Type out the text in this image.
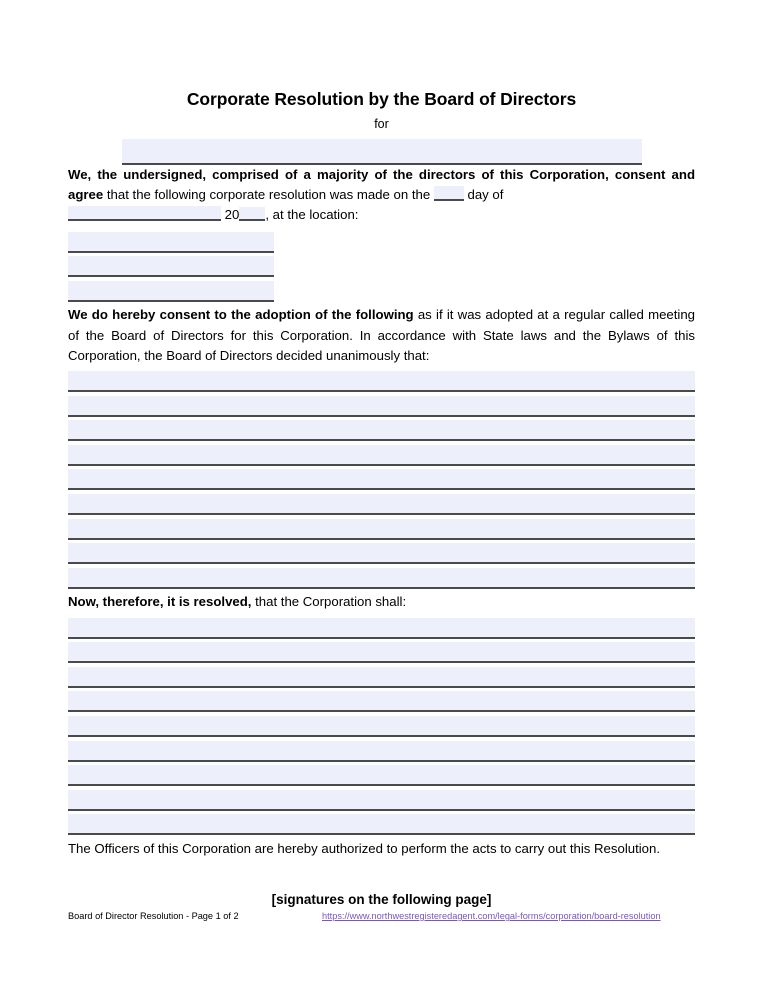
Corporate Resolution by the Board of Directors
for

We, the undersigned, comprised of a majority of the directors of this Corporation, consent and agree that the following corporate resolution was made on the  day of
20 , at the location:

We do hereby consent to the adoption of the following as if it was adopted at a regular called meeting of the Board of Directors for this Corporation. In accordance with State laws and the Bylaws of this Corporation, the Board of Directors decided unanimously that:

Now, therefore, it is resolved, that the Corporation shall:

The Officers of this Corporation are hereby authorized to perform the acts to carry out this Resolution.

[signatures on the following page]
Board of Director Resolution - Page 1 of 2	https://www.northwestregisteredagent.com/legal-forms/corporation/board-resolution
